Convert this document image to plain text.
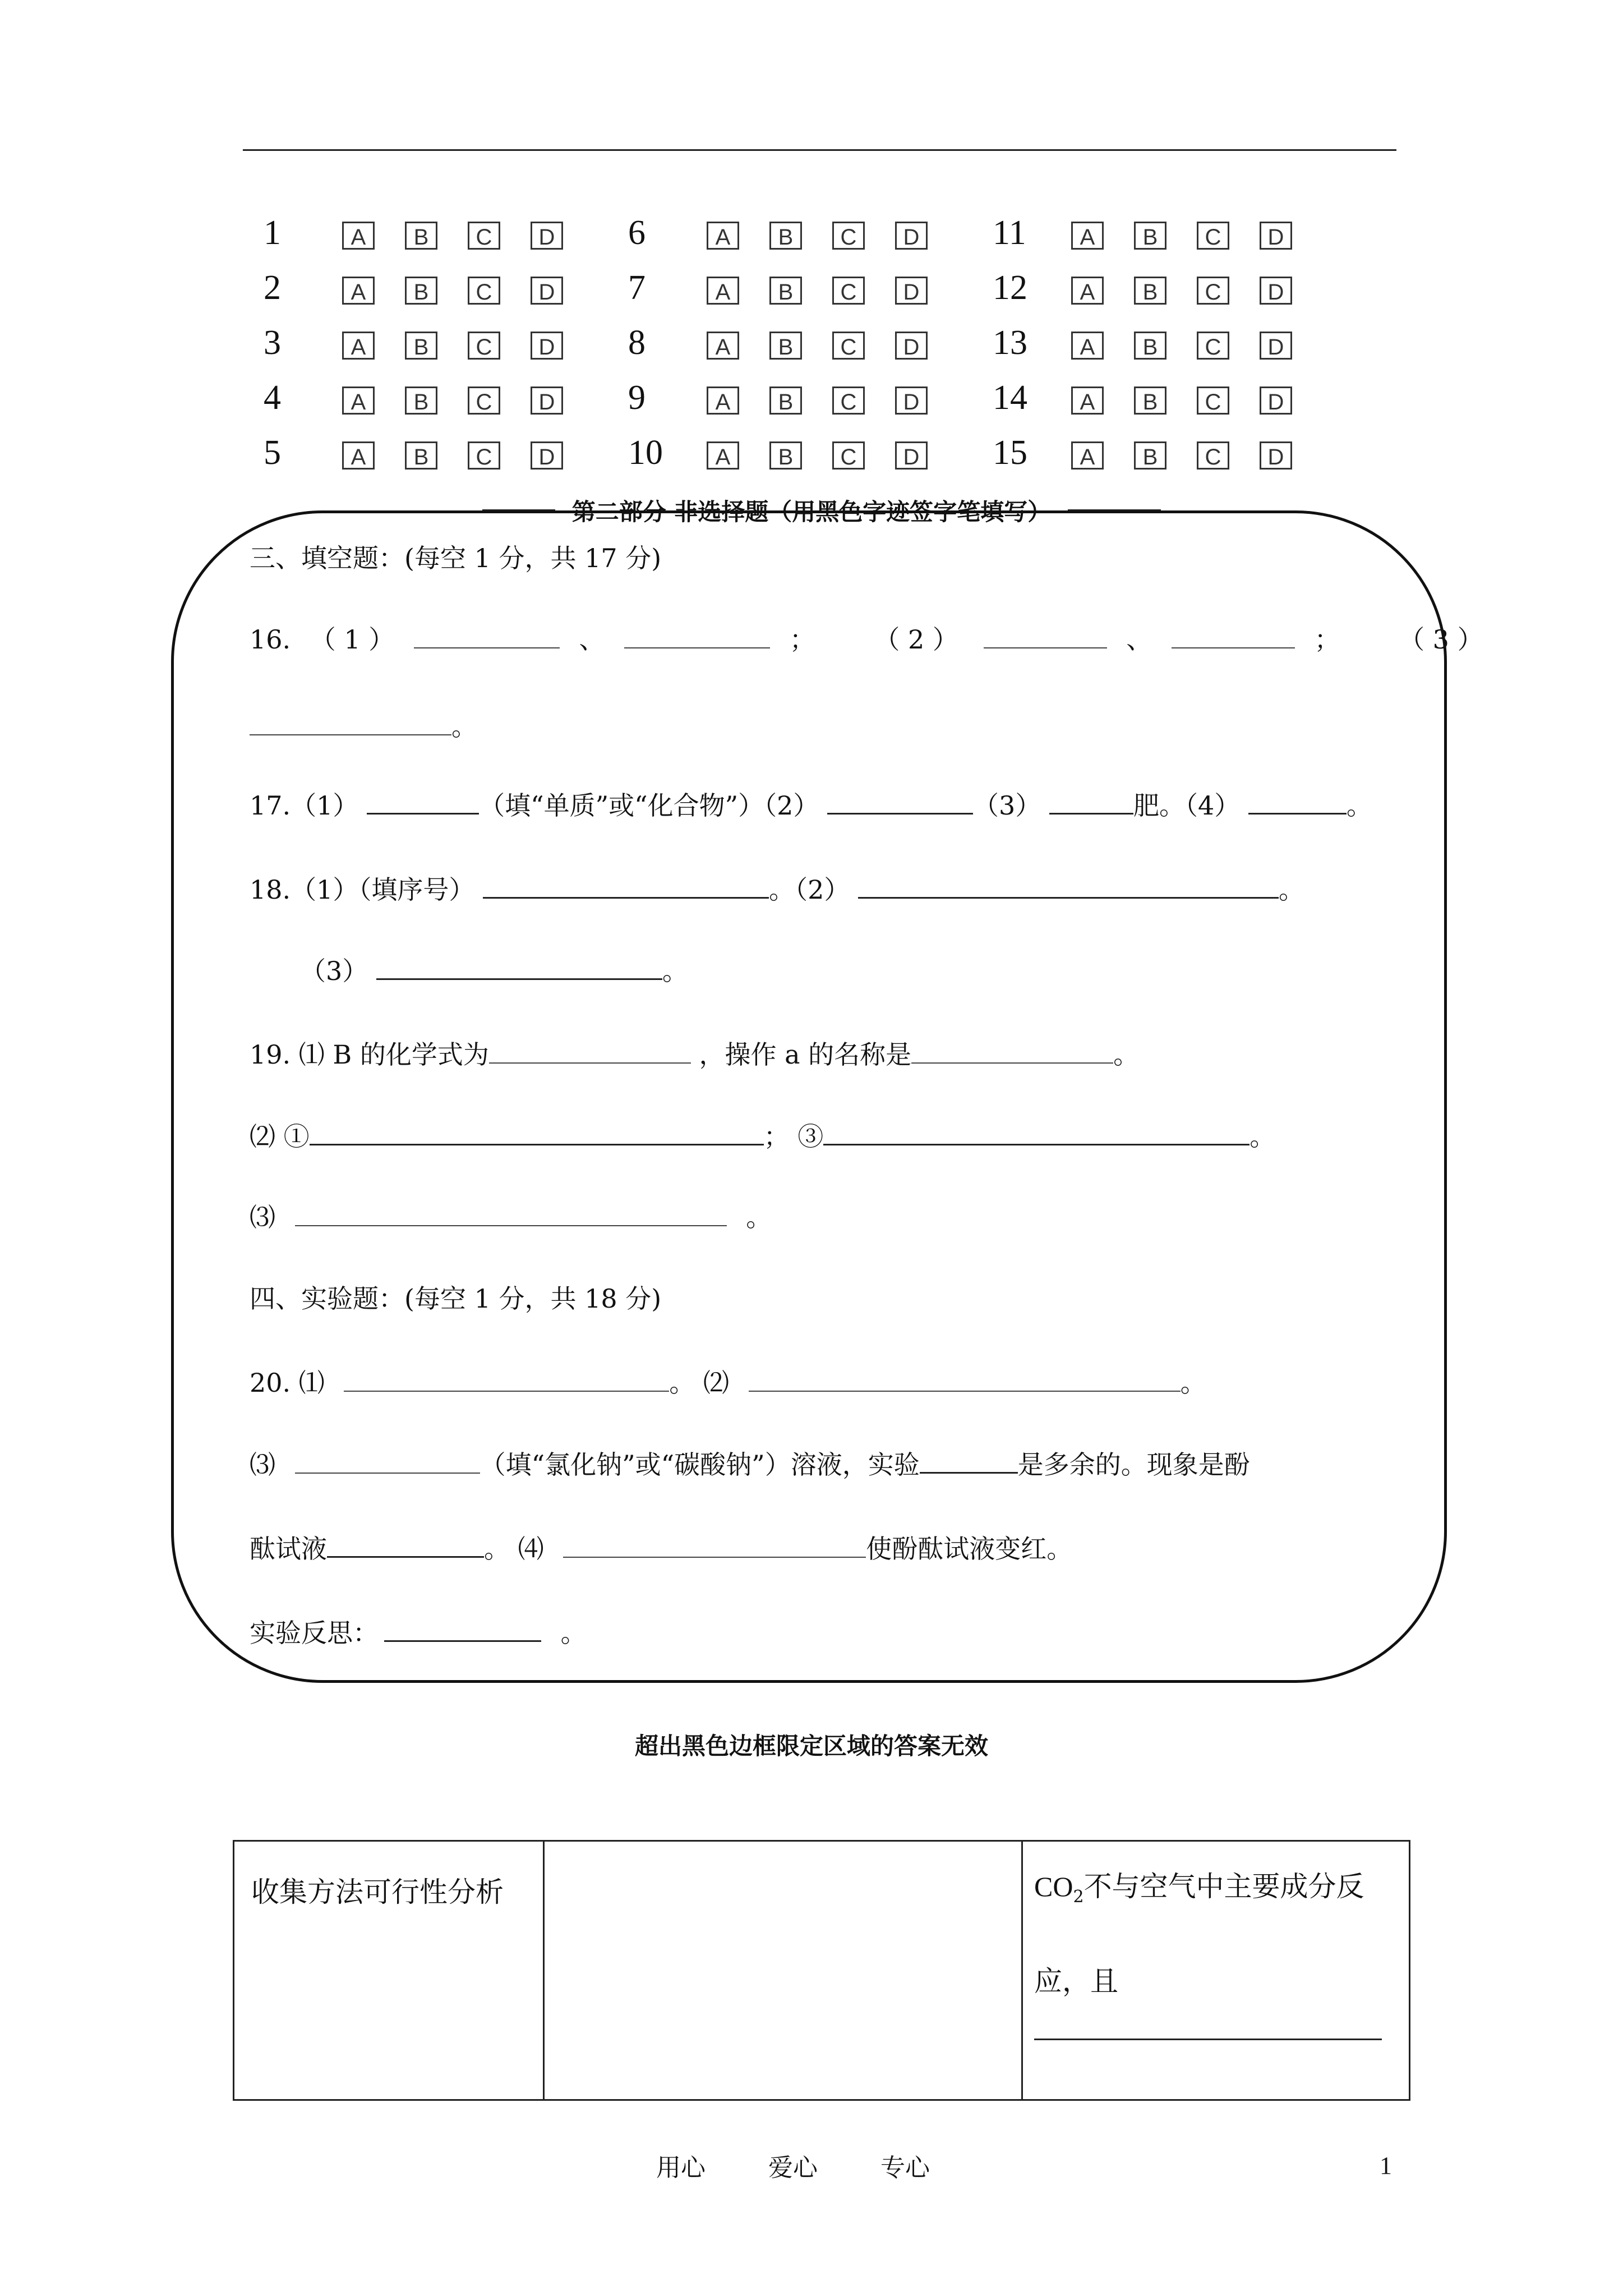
1	A	B	C	D
2	A	B	C	D
3	A	B	C	D
4	A	B	C	D
5	A	B	C	D
6	A	B	C	D
7	A	B	C	D
8	A	B	C	D
9	A	B	C	D
10	A	B	C	D
11	A	B	C	D
12	A	B	C	D
13	A	B	C	D
14	A	B	C	D
15	A	B	C	D
第二部分 非选择题（用黑色字迹签字笔填写）
三、填空题：(每空 1 分，共 17 分)
16. （ 1 ）	、	； （ 2 ）	、	； （ 3 ）
。
17.（1）	（填“单质”或“化合物”）（2）	（3）	肥。（4）	。
18.（1）（填序号）	。（2）	。
（3）	。
19. ⑴ B 的化学式为	，操作 a 的名称是	。
⑵ ①	； ③	。
⑶	。
四、实验题：(每空 1 分，共 18 分)
20. ⑴	。 ⑵	。
⑶	（填“氯化钠”或“碳酸钠”）溶液，实验	是多余的。现象是酚
酞试液	。 ⑷	使酚酞试液变红。
实验反思：	。
超出黑色边框限定区域的答案无效
收集方法可行性分析		$CO_2$不与空气中主要成分反
应，且
用心	爱心	专心	1
